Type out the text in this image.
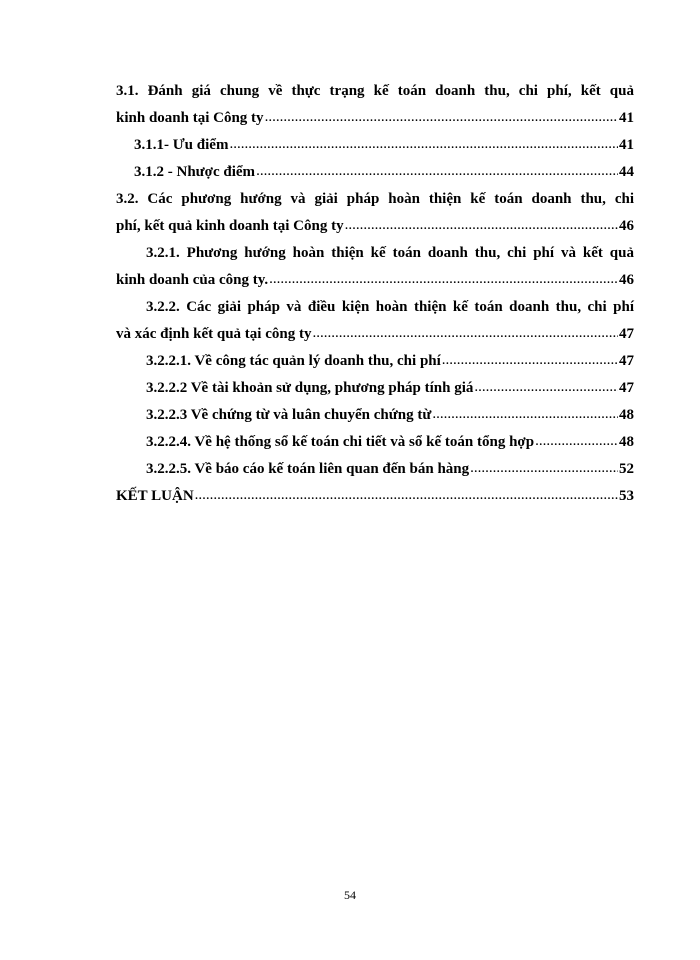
3.1. Đánh giá chung về thực trạng kế toán doanh thu, chi phí, kết quả
kinh doanh tại Công ty .....	41
3.1.1- Ưu điểm .....	41
3.1.2 - Nhược điểm .....	44
3.2. Các phương hướng và giải pháp hoàn thiện kế toán doanh thu, chi
phí, kết quả kinh doanh tại Công ty .....	46
3.2.1. Phương hướng hoàn thiện kế toán doanh thu, chi phí và kết quả
kinh doanh của công ty. .....	46
3.2.2. Các giải pháp và điều kiện hoàn thiện kế toán doanh thu, chi phí
và xác định kết quả tại công ty .....	47
3.2.2.1. Về công tác quản lý doanh thu, chi phí .....	47
3.2.2.2 Về tài khoản sử dụng, phương pháp tính giá .....	47
3.2.2.3 Về chứng từ và luân chuyển chứng từ .....	48
3.2.2.4. Về hệ thống sổ kế toán chi tiết và sổ kế toán tổng hợp .....	48
3.2.2.5. Về báo cáo kế toán liên quan đến bán hàng .....	52
KẾT LUẬN .....	53
54
